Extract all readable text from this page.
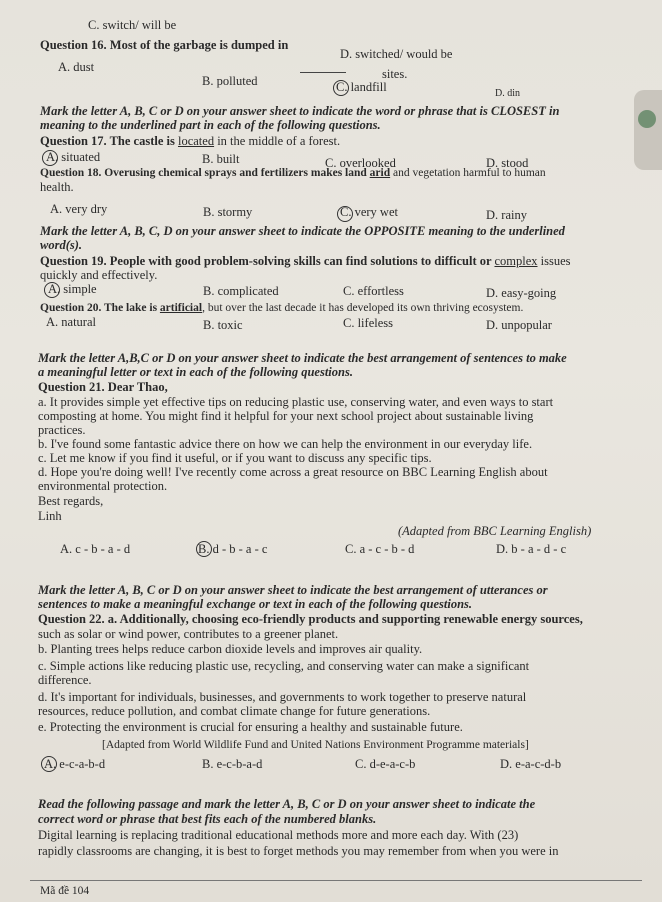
C. switch/ will be
D. switched/ would be
Question 16. Most of the garbage is dumped in
sites.
A. dust
B. polluted	C. landfill	D. din
Mark the letter A, B, C or D on your answer sheet to indicate the word or phrase that is CLOSEST in
meaning to the underlined part in each of the following questions.
Question 17. The castle is located in the middle of a forest.
A. situated	B. built	C. overlooked	D. stood
Question 18. Overusing chemical sprays and fertilizers makes land arid and vegetation harmful to human
health.
A. very dry	B. stormy	C. very wet	D. rainy
Mark the letter A, B, C, D on your answer sheet to indicate the OPPOSITE meaning to the underlined
word(s).
Question 19. People with good problem-solving skills can find solutions to difficult or complex issues
quickly and effectively.
A. simple	B. complicated	C. effortless	D. easy-going
Question 20. The lake is artificial, but over the last decade it has developed its own thriving ecosystem.
A. natural	B. toxic	C. lifeless	D. unpopular
Mark the letter A,B,C or D on your answer sheet to indicate the best arrangement of sentences to make
a meaningful letter or text in each of the following questions.
Question 21. Dear Thao,
a. It provides simple yet effective tips on reducing plastic use, conserving water, and even ways to start
composting at home. You might find it helpful for your next school project about sustainable living
practices.
b. I've found some fantastic advice there on how we can help the environment in our everyday life.
c. Let me know if you find it useful, or if you want to discuss any specific tips.
d. Hope you're doing well! I've recently come across a great resource on BBC Learning English about
environmental protection.
Best regards,
Linh
(Adapted from BBC Learning English)
A. c - b - a - d	B. d - b - a - c	C. a - c - b - d	D. b - a - d - c
Mark the letter A, B, C or D on your answer sheet to indicate the best arrangement of utterances or
sentences to make a meaningful exchange or text in each of the following questions.
Question 22. a. Additionally, choosing eco-friendly products and supporting renewable energy sources,
such as solar or wind power, contributes to a greener planet.
b. Planting trees helps reduce carbon dioxide levels and improves air quality.
c. Simple actions like reducing plastic use, recycling, and conserving water can make a significant
difference.
d. It's important for individuals, businesses, and governments to work together to preserve natural
resources, reduce pollution, and combat climate change for future generations.
e. Protecting the environment is crucial for ensuring a healthy and sustainable future.
[Adapted from World Wildlife Fund and United Nations Environment Programme materials]
A. e-c-a-b-d	B. e-c-b-a-d	C. d-e-a-c-b	D. e-a-c-d-b
Read the following passage and mark the letter A, B, C or D on your answer sheet to indicate the
correct word or phrase that best fits each of the numbered blanks.
Digital learning is replacing traditional educational methods more and more each day. With (23)
rapidly classrooms are changing, it is best to forget methods you may remember from when you were in
Mã đề 104
